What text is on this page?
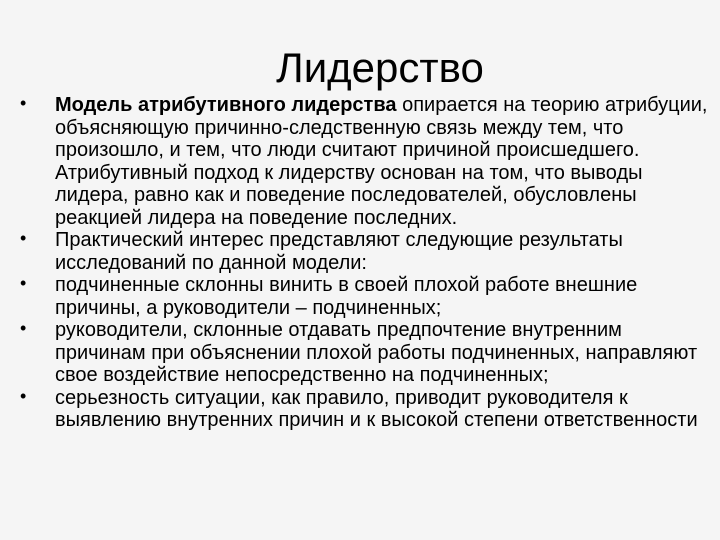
Лидерство
• Модель атрибутивного лидерства опирается на теорию атрибуции, объясняющую причинно-следственную связь между тем, что произошло, и тем, что люди считают причиной происшедшего. Атрибутивный подход к лидерству основан на том, что выводы лидера, равно как и поведение последователей, обусловлены реакцией лидера на поведение последних.
• Практический интерес представляют следующие результаты исследований по данной модели:
• подчиненные склонны винить в своей плохой работе внешние причины, а руководители – подчиненных;
• руководители, склонные отдавать предпочтение внутренним причинам при объяснении плохой работы подчиненных, направляют свое воздействие непосредственно на подчиненных;
• серьезность ситуации, как правило, приводит руководителя к выявлению внутренних причин и к высокой степени ответственности
